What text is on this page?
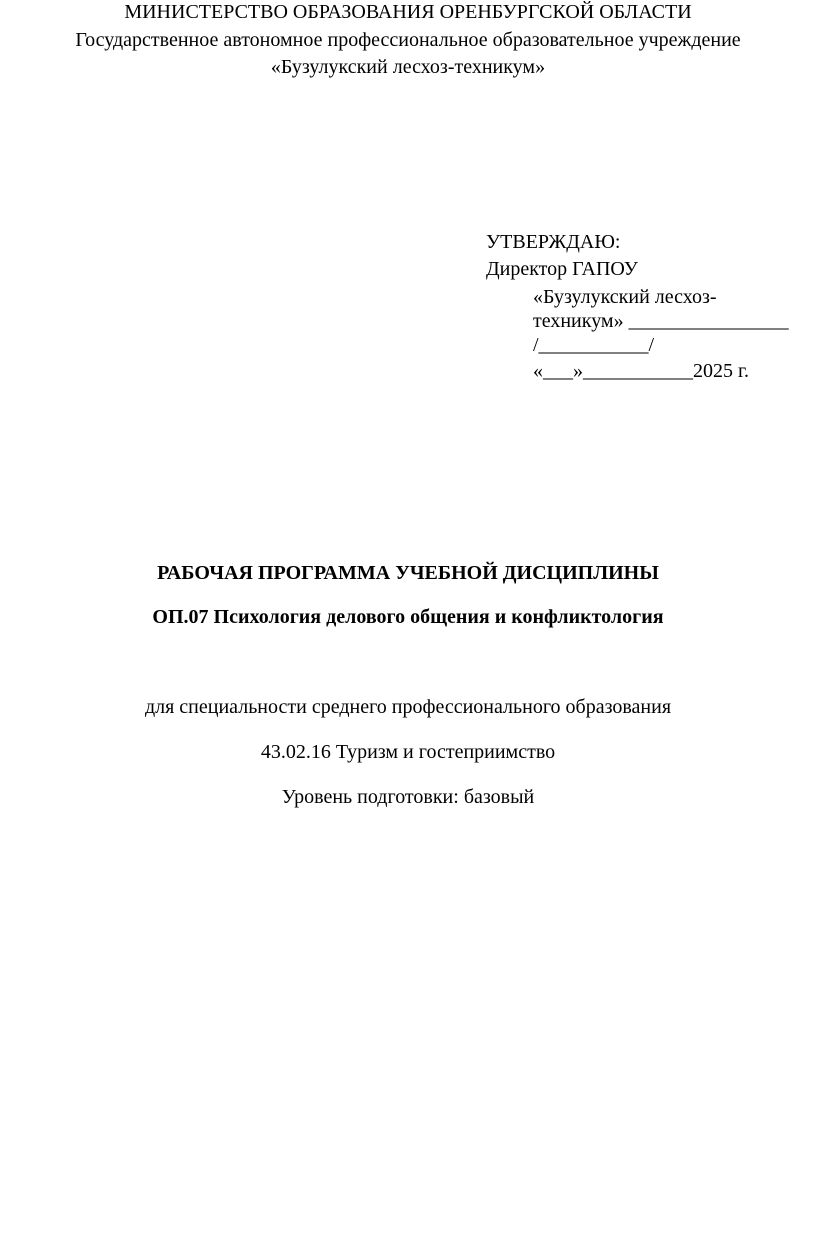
МИНИСТЕРСТВО ОБРАЗОВАНИЯ ОРЕНБУРГСКОЙ ОБЛАСТИ
Государственное автономное профессиональное образовательное учреждение
«Бузулукский лесхоз-техникум»
УТВЕРЖДАЮ:
Директор ГАПОУ
«Бузулукский лесхоз-
техникум» ________________
/___________/
«___»___________2025 г.
РАБОЧАЯ ПРОГРАММА УЧЕБНОЙ ДИСЦИПЛИНЫ
ОП.07 Психология делового общения и конфликтология
для специальности среднего профессионального образования
43.02.16 Туризм и гостеприимство
Уровень подготовки: базовый
